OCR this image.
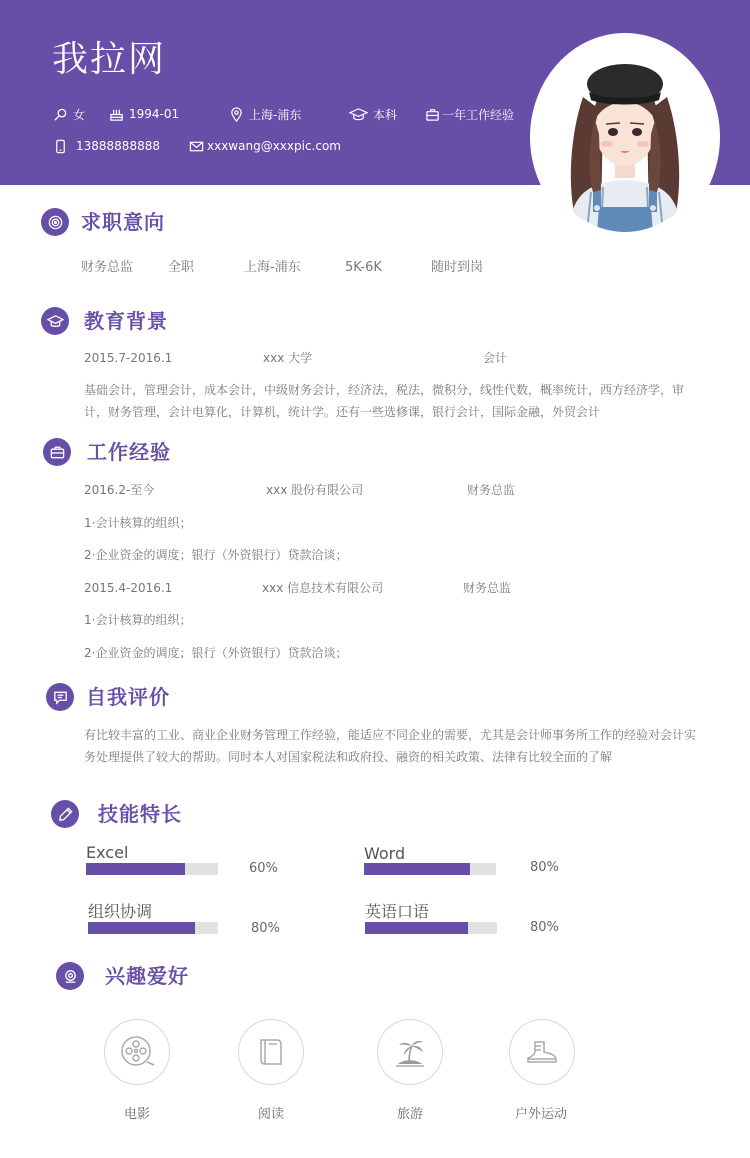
我拉网
女	1994-01	上海-浦东	本科	一年工作经验
13888888888	xxxwang@xxxpic.com
求职意向
财务总监	全职	上海-浦东	5K-6K	随时到岗
教育背景
2015.7-2016.1	xxx 大学	会计
基础会计，管理会计，成本会计，中级财务会计，经济法，税法，微积分，线性代数，概率统计，西方经济学，审计，财务管理，会计电算化，计算机，统计学。还有一些选修课，银行会计，国际金融，外贸会计
工作经验
2016.2-至今	xxx 股份有限公司	财务总监
1·会计核算的组织；
2·企业资金的调度；银行（外资银行）贷款洽谈；
2015.4-2016.1	xxx 信息技术有限公司	财务总监
1·会计核算的组织；
2·企业资金的调度；银行（外资银行）贷款洽谈；
自我评价
有比较丰富的工业、商业企业财务管理工作经验，能适应不同企业的需要，尤其是会计师事务所工作的经验对会计实务处理提供了较大的帮助。同时本人对国家税法和政府投、融资的相关政策、法律有比较全面的了解
技能特长
Excel
60%
Word
80%
组织协调
80%
英语口语
80%
兴趣爱好
电影	阅读	旅游	户外运动
